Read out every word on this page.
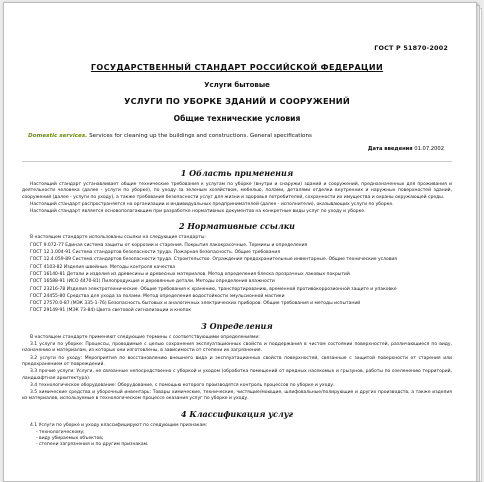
ГОСТ Р 51870-2002
ГОСУДАРСТВЕННЫЙ СТАНДАРТ РОССИЙСКОЙ ФЕДЕРАЦИИ
Услуги бытовые
УСЛУГИ ПО УБОРКЕ ЗДАНИЙ И СООРУЖЕНИЙ
Общие технические условия
Domestic services. Services for cleaning up the buildings and constructions. General specifications
Дата введения 01.07.2002
1 Область применения

Настоящий стандарт устанавливает общие технические требования к услугам по уборке (внутри и снаружи) зданий и сооружений, предназначенных для проживания и деятельности человека (далее - услуги по уборке), по уходу за зеленым хозяйством, мебелью, полами, деталями отделки внутренних и наружных поверхностей зданий, сооружений (далее - услуги по уходу), а также требования безопасности услуг для жизни и здоровья потребителей, сохранности их имущества и охраны окружающей среды.

Настоящий стандарт распространяется на организации и индивидуальных предпринимателей (далее - исполнители), оказывающих услуги по уборке.

Настоящий стандарт является основополагающим при разработке нормативных документов на конкретные виды услуг по уходу и уборке.

2 Нормативные ссылки

В настоящем стандарте использованы ссылки на следующие стандарты:

ГОСТ 9.072-77 Единая система защиты от коррозии и старения. Покрытия лакокрасочные. Термины и определения

ГОСТ 12.1.004-91 Система стандартов безопасности труда. Пожарная безопасность. Общие требования

ГОСТ 12.4.059-89 Система стандартов безопасности труда. Строительство. Ограждения предохранительные инвентарные. Общие технические условия

ГОСТ 4103-82 Изделия швейные. Методы контроля качества

ГОСТ 16140-81 Детали и изделия из древесины и древесных материалов. Метод определения блеска прозрачных лаковых покрытий

ГОСТ 16588-91 (ИСО 4470-81) Пилопродукция и деревянные детали. Методы определения влажности

ГОСТ 23216-78 Изделия электротехнические. Общие требования к хранению, транспортированию, временной противокоррозионной защите и упаковке

ГОСТ 24455-80 Средства для ухода за полами. Метод определения водостойкости эмульсионной мастики

ГОСТ 27570.0-87 (МЭК 335-1-76) Безопасность бытовых и аналогичных электрических приборов. Общие требования и методы испытаний

ГОСТ 29149-91 (МЭК 73-84) Цвета световой сигнализации и кнопок

3 Определения

В настоящем стандарте применяют следующие термины с соответствующими определениями:

3.1 услуги по уборке: Процессы, проводимые с целью сохранения эксплуатационных свойств и поддержания в чистом состоянии поверхностей, различающиеся по виду, назначению и материалам, из которых они изготовлены, в зависимости от степени их загрязнения.

3.2 услуги по уходу: Мероприятия по восстановлению внешнего вида и эксплуатационных свойств поверхностей, связанные с защитой поверхности от старения или предохранением от повреждений.

3.3 прочие услуги: Услуги, не связанные непосредственно с уборкой и уходом (обработка помещений от вредных насекомых и грызунов, работы по озеленению территорий, ландшафтная архитектура).

3.4 технологическое оборудование: Оборудование, с помощью которого производятся контроль процессов по уборке и уходу.

3.5 химические средства и уборочный инвентарь: Товары химические, технические, чистящие/моющие, шлифовальные/полирующие и других производств, а также изделия из материалов, используемые в технологическом процессе оказания услуг по уборке и уходу.

4 Классификация услуг

4.1 Услуги по уборке и уходу классифицируют по следующим признакам:

- технологическому;
- виду убираемых объектов;
- степени загрязнения и по другим признакам.
